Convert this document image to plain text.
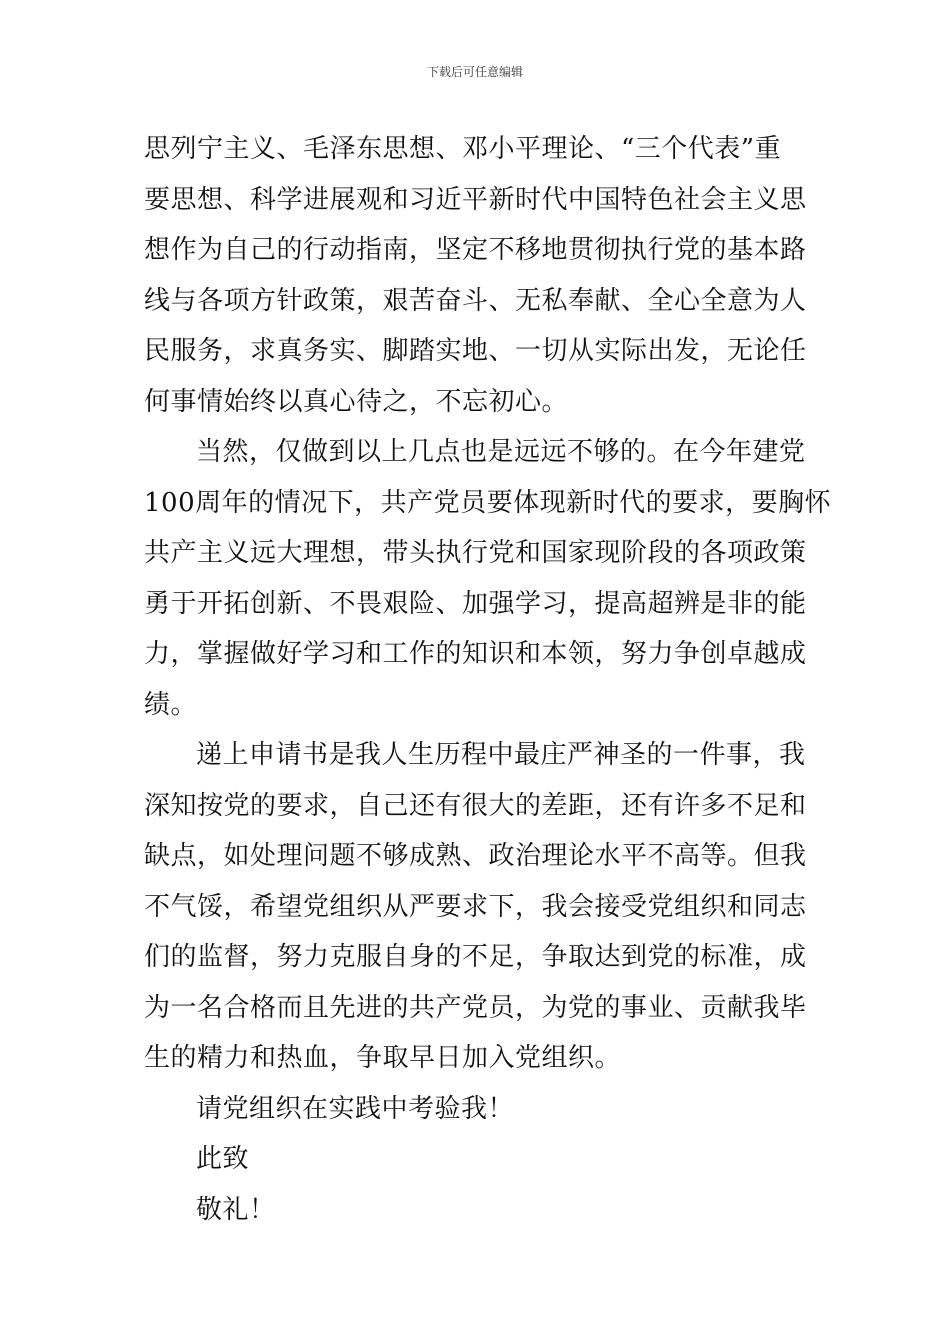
下载后可任意编辑
思列宁主义、毛泽东思想、邓小平理论、“三个代表”重
要思想、科学进展观和习近平新时代中国特色社会主义思
想作为自己的行动指南，坚定不移地贯彻执行党的基本路
线与各项方针政策，艰苦奋斗、无私奉献、全心全意为人
民服务，求真务实、脚踏实地、一切从实际出发，无论任
何事情始终以真心待之，不忘初心。
当然，仅做到以上几点也是远远不够的。在今年建党
100周年的情况下，共产党员要体现新时代的要求，要胸怀
共产主义远大理想，带头执行党和国家现阶段的各项政策
勇于开拓创新、不畏艰险、加强学习，提高超辨是非的能
力，掌握做好学习和工作的知识和本领，努力争创卓越成
绩。
递上申请书是我人生历程中最庄严神圣的一件事，我
深知按党的要求，自己还有很大的差距，还有许多不足和
缺点，如处理问题不够成熟、政治理论水平不高等。但我
不气馁，希望党组织从严要求下，我会接受党组织和同志
们的监督，努力克服自身的不足，争取达到党的标准，成
为一名合格而且先进的共产党员，为党的事业、贡献我毕
生的精力和热血，争取早日加入党组织。
请党组织在实践中考验我！
此致
敬礼！
